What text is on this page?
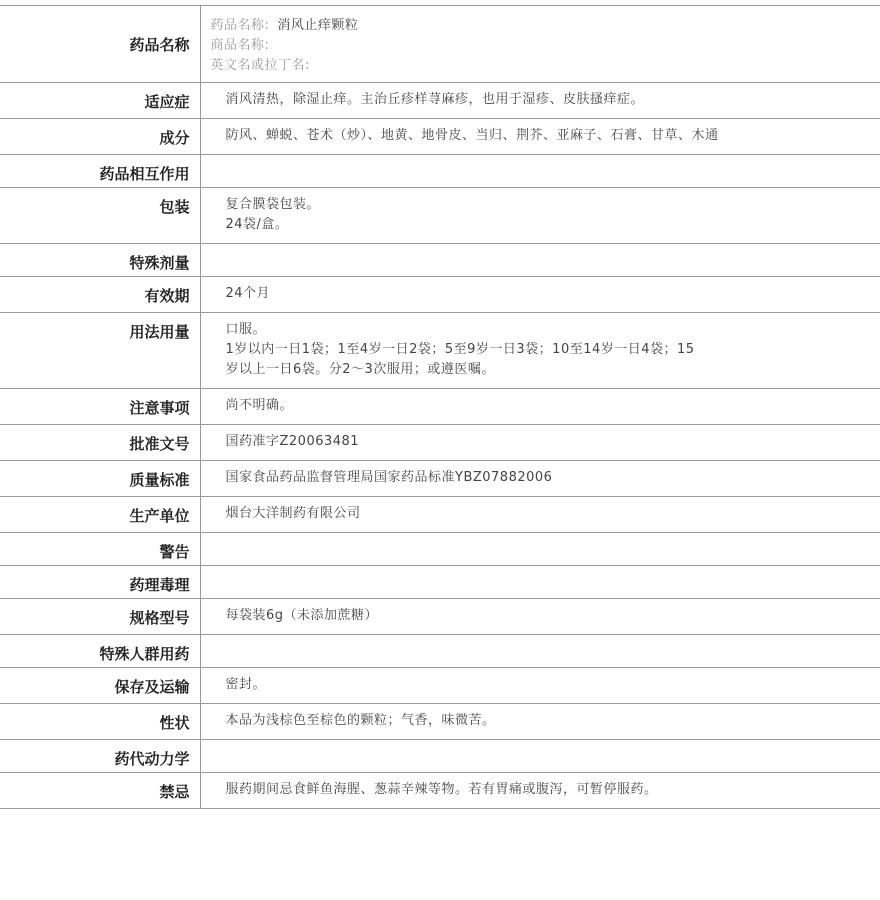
药品名称	药品名称: 消风止痒颗粒
商品名称:
英文名或拉丁名:

适应症	消风清热，除湿止痒。主治丘疹样荨麻疹，也用于湿疹、皮肤搔痒症。

成分	防风、蝉蜕、苍术（炒）、地黄、地骨皮、当归、荆芥、亚麻子、石膏、甘草、木通

药品相互作用	
包装	复合膜袋包装。
24袋/盒。

特殊剂量	
有效期	24个月

用法用量	口服。
1岁以内一日1袋；1至4岁一日2袋；5至9岁一日3袋；10至14岁一日4袋；15
岁以上一日6袋。分2～3次服用；或遵医嘱。

注意事项	尚不明确。

批准文号	国药准字Z20063481

质量标准	国家食品药品监督管理局国家药品标准YBZ07882006

生产单位	烟台大洋制药有限公司

警告	
药理毒理	
规格型号	每袋装6g（未添加蔗糖）

特殊人群用药	
保存及运输	密封。

性状	本品为浅棕色至棕色的颗粒；气香，味微苦。

药代动力学	
禁忌	服药期间忌食鲜鱼海腥、葱蒜辛辣等物。若有胃痛或腹泻，可暂停服药。
